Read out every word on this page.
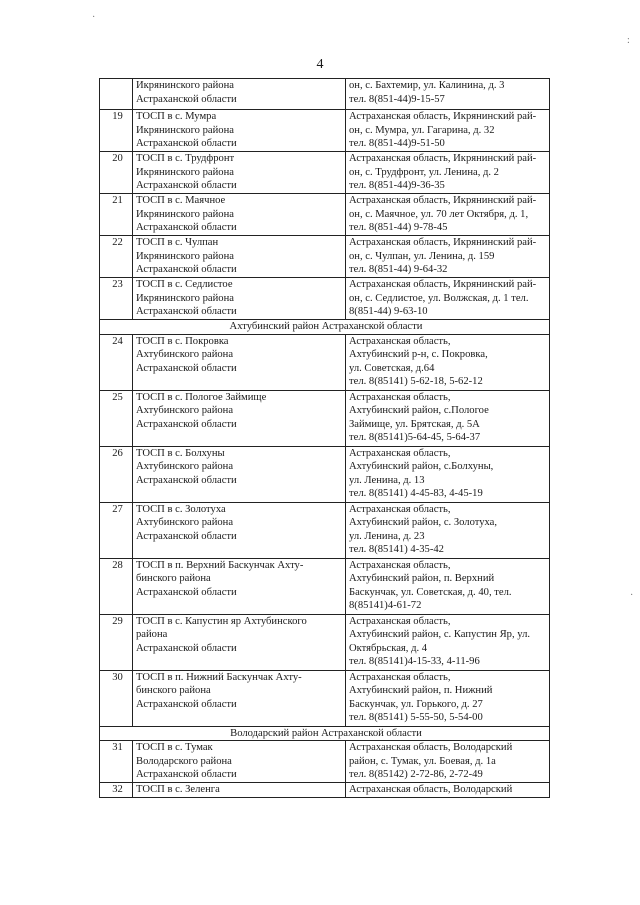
4

	Икрянинского района
Астраханской области	он, с. Бахтемир, ул. Калинина, д. 3
тел. 8(851-44)9-15-57

19	ТОСП в с. Мумра
Икрянинского района
Астраханской области	Астраханская область, Икрянинский рай-
он, с. Мумра, ул. Гагарина, д. 32
тел. 8(851-44)9-51-50

20	ТОСП в с. Трудфронт
Икрянинского района
Астраханской области	Астраханская область, Икрянинский рай-
он, с. Трудфронт, ул. Ленина, д. 2
тел. 8(851-44)9-36-35

21	ТОСП в с. Маячное
Икрянинского района
Астраханской области	Астраханская область, Икрянинский рай-
он, с. Маячное, ул. 70 лет Октября, д. 1,
тел. 8(851-44) 9-78-45

22	ТОСП в с. Чулпан
Икрянинского района
Астраханской области	Астраханская область, Икрянинский рай-
он, с. Чулпан, ул. Ленина, д. 159
тел. 8(851-44) 9-64-32

23	ТОСП в с. Седлистое
Икрянинского района
Астраханской области	Астраханская область, Икрянинский рай-
он, с. Седлистое, ул. Волжская, д. 1 тел.
8(851-44) 9-63-10

Ахтубинский район Астраханской области		
24	ТОСП в с. Покровка
Ахтубинского района
Астраханской области	Астраханская область,
Ахтубинский р-н, с. Покровка,
ул. Советская, д.64
тел. 8(85141) 5-62-18, 5-62-12

25	ТОСП в с. Пологое Займище
Ахтубинского района
Астраханской области	Астраханская область,
Ахтубинский район, с.Пологое
Займище, ул. Брятская, д. 5А
тел. 8(85141)5-64-45, 5-64-37

26	ТОСП в с. Болхуны
Ахтубинского района
Астраханской области	Астраханская область,
Ахтубинский район, с.Болхуны,
ул. Ленина, д. 13
тел. 8(85141) 4-45-83, 4-45-19

27	ТОСП в с. Золотуха
Ахтубинского района
Астраханской области	Астраханская область,
Ахтубинский район, с. Золотуха,
ул. Ленина, д. 23
тел. 8(85141) 4-35-42

28	ТОСП в п. Верхний Баскунчак Ахту-
бинского района
Астраханской области	Астраханская область,
Ахтубинский район, п. Верхний
Баскунчак, ул. Советская, д. 40, тел.
8(85141)4-61-72

29	ТОСП в с. Капустин яр Ахтубинского
района
Астраханской области	Астраханская область,
Ахтубинский район, с. Капустин Яр, ул.
Октябрьская, д. 4
тел. 8(85141)4-15-33, 4-11-96

30	ТОСП в п. Нижний Баскунчак Ахту-
бинского района
Астраханской области	Астраханская область,
Ахтубинский район, п. Нижний
Баскунчак, ул. Горького, д. 27
тел. 8(85141) 5-55-50, 5-54-00

Володарский район Астраханской области		
31	ТОСП в с. Тумак
Володарского района
Астраханской области	Астраханская область, Володарский
район, с. Тумак, ул. Боевая, д. 1а
тел. 8(85142) 2-72-86, 2-72-49

32	ТОСП в с. Зеленга	Астраханская область, Володарский
·
:
·
